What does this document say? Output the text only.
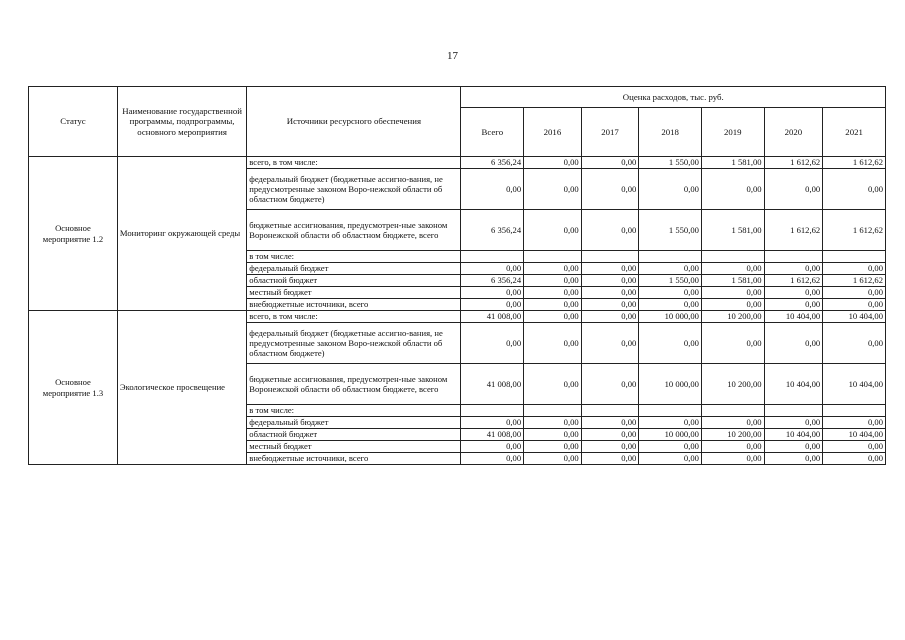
17
Статус	Наименование государственной программы, подпрограммы, основного мероприятия	Источники ресурсного обеспечения	Оценка расходов, тыс. руб.						
			Всего	2016	2017	2018	2019	2020	2021
Основное мероприятие 1.2	Мониторинг окружающей среды	всего, в том числе:	6 356,24	0,00	0,00	1 550,00	1 581,00	1 612,62	1 612,62
		федеральный бюджет (бюджетные ассигно-вания, не предусмотренные законом Воро-нежской области об областном бюджете)	0,00	0,00	0,00	0,00	0,00	0,00	0,00
		бюджетные ассигнования, предусмотрен-ные законом Воронежской области об областном бюджете, всего	6 356,24	0,00	0,00	1 550,00	1 581,00	1 612,62	1 612,62
		в том числе:							
		федеральный бюджет	0,00	0,00	0,00	0,00	0,00	0,00	0,00
		областной бюджет	6 356,24	0,00	0,00	1 550,00	1 581,00	1 612,62	1 612,62
		местный бюджет	0,00	0,00	0,00	0,00	0,00	0,00	0,00
		внебюджетные источники, всего	0,00	0,00	0,00	0,00	0,00	0,00	0,00
Основное мероприятие 1.3	Экологическое просвещение	всего, в том числе:	41 008,00	0,00	0,00	10 000,00	10 200,00	10 404,00	10 404,00
		федеральный бюджет (бюджетные ассигно-вания, не предусмотренные законом Воро-нежской области об областном бюджете)	0,00	0,00	0,00	0,00	0,00	0,00	0,00
		бюджетные ассигнования, предусмотрен-ные законом Воронежской области об областном бюджете, всего	41 008,00	0,00	0,00	10 000,00	10 200,00	10 404,00	10 404,00
		в том числе:							
		федеральный бюджет	0,00	0,00	0,00	0,00	0,00	0,00	0,00
		областной бюджет	41 008,00	0,00	0,00	10 000,00	10 200,00	10 404,00	10 404,00
		местный бюджет	0,00	0,00	0,00	0,00	0,00	0,00	0,00
		внебюджетные источники, всего	0,00	0,00	0,00	0,00	0,00	0,00	0,00
